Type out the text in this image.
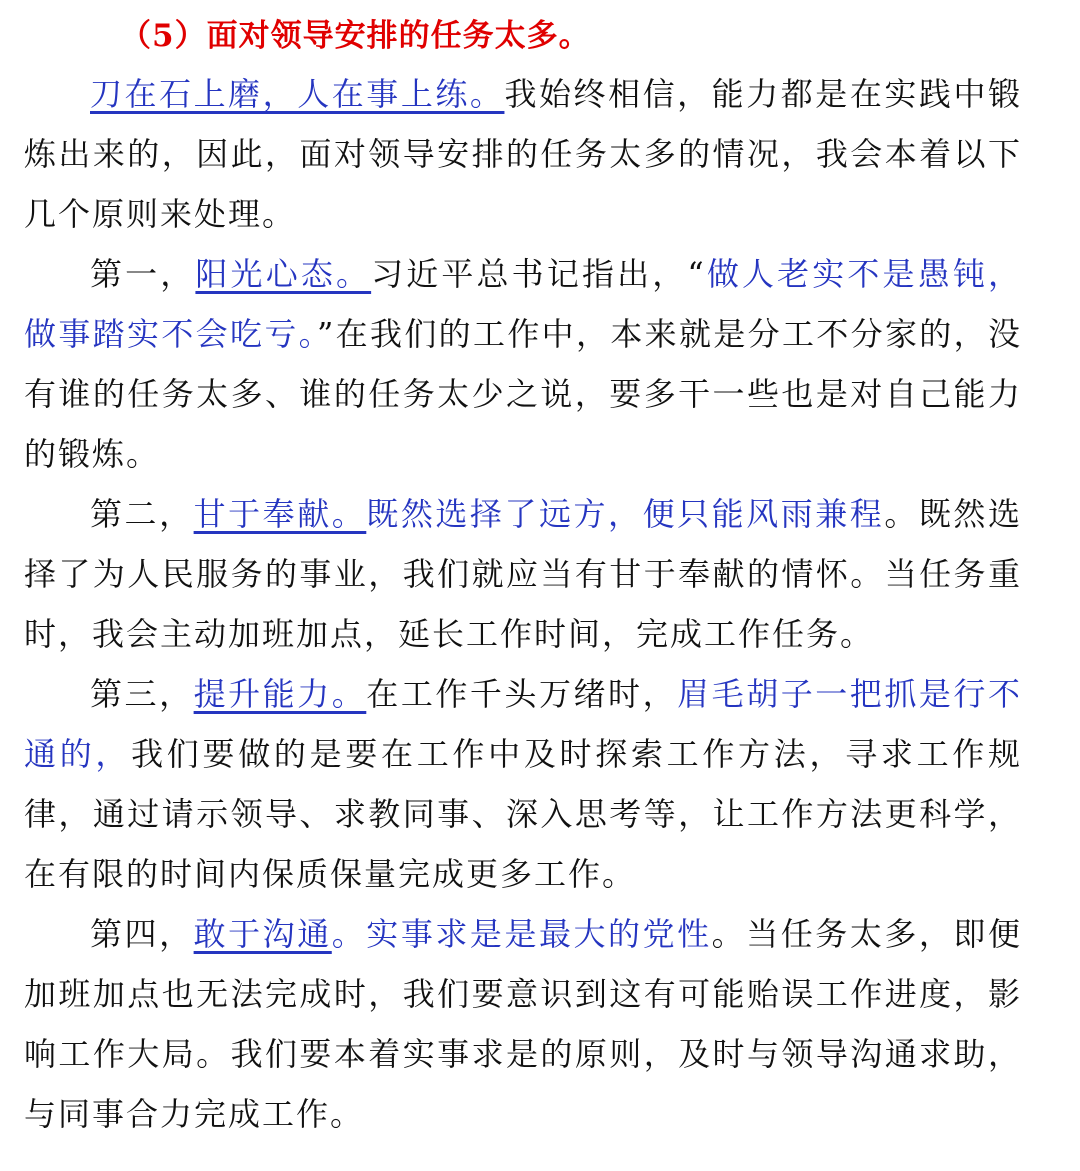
（5）面对领导安排的任务太多。

刀在石上磨，人在事上练。我始终相信，能力都是在实践中锻炼出来的，因此，面对领导安排的任务太多的情况，我会本着以下几个原则来处理。

第一，阳光心态。习近平总书记指出，“做人老实不是愚钝，做事踏实不会吃亏。”在我们的工作中，本来就是分工不分家的，没有谁的任务太多、谁的任务太少之说，要多干一些也是对自己能力的锻炼。

第二，甘于奉献。既然选择了远方，便只能风雨兼程。既然选择了为人民服务的事业，我们就应当有甘于奉献的情怀。当任务重时，我会主动加班加点，延长工作时间，完成工作任务。

第三，提升能力。在工作千头万绪时，眉毛胡子一把抓是行不通的，我们要做的是要在工作中及时探索工作方法，寻求工作规律，通过请示领导、求教同事、深入思考等，让工作方法更科学，在有限的时间内保质保量完成更多工作。

第四，敢于沟通。实事求是是最大的党性。当任务太多，即便加班加点也无法完成时，我们要意识到这有可能贻误工作进度，影响工作大局。我们要本着实事求是的原则，及时与领导沟通求助，与同事合力完成工作。
